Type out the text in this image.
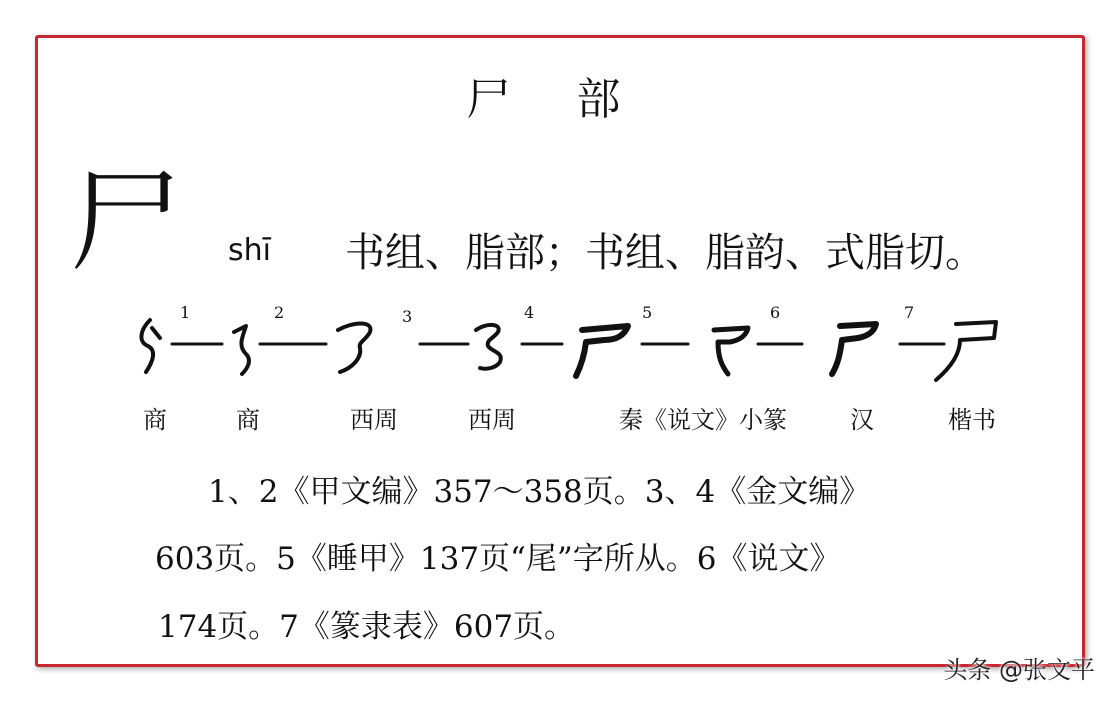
尸 部
尸 shī 书组、脂部；书组、脂韵、式脂切。
1	2	3	4	5	6	7
商	商	西周	西周	秦《说文》小篆	汉	楷书
1、2《甲文编》357～358页。3、4《金文编》
603页。5《睡甲》137页“尾”字所从。6《说文》
174页。7《篆隶表》607页。
头条 @张文平
